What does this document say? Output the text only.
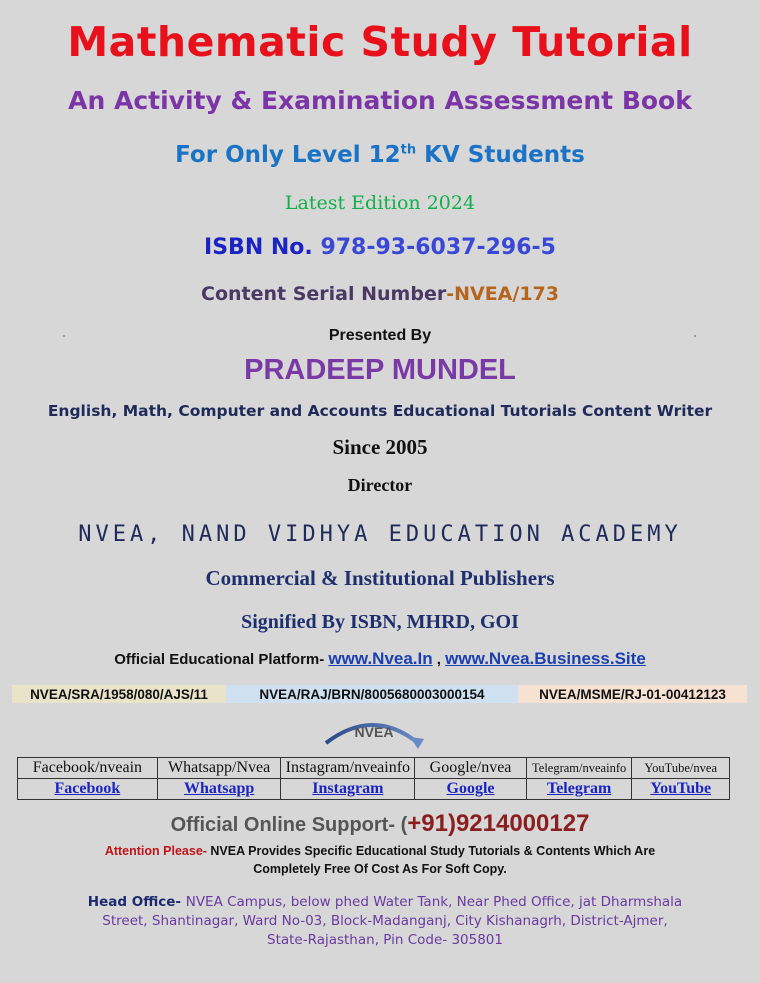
Mathematic Study Tutorial
An Activity & Examination Assessment Book
For Only Level 12th KV Students
Latest Edition 2024
ISBN No. 978-93-6037-296-5
Content Serial Number-NVEA/173
Presented By
PRADEEP MUNDEL
English, Math, Computer and Accounts Educational Tutorials Content Writer
Since 2005
Director
NVEA, NAND VIDHYA EDUCATION ACADEMY
Commercial & Institutional Publishers
Signified By ISBN, MHRD, GOI
Official Educational Platform- www.Nvea.In , www.Nvea.Business.Site
NVEA/SRA/1958/080/AJS/11	NVEA/RAJ/BRN/8005680003000154	NVEA/MSME/RJ-01-00412123
NVEA
Facebook/nveain	Whatsapp/Nvea	Instagram/nveainfo	Google/nvea	Telegram/nveainfo	YouTube/nvea
Facebook	Whatsapp	Instagram	Google	Telegram	YouTube
Official Online Support- (+91)9214000127
Attention Please- NVEA Provides Specific Educational Study Tutorials & Contents Which Are Completely Free Of Cost As For Soft Copy.
Head Office- NVEA Campus, below phed Water Tank, Near Phed Office, jat Dharmshala Street, Shantinagar, Ward No-03, Block-Madanganj, City Kishanagrh, District-Ajmer, State-Rajasthan, Pin Code- 305801
